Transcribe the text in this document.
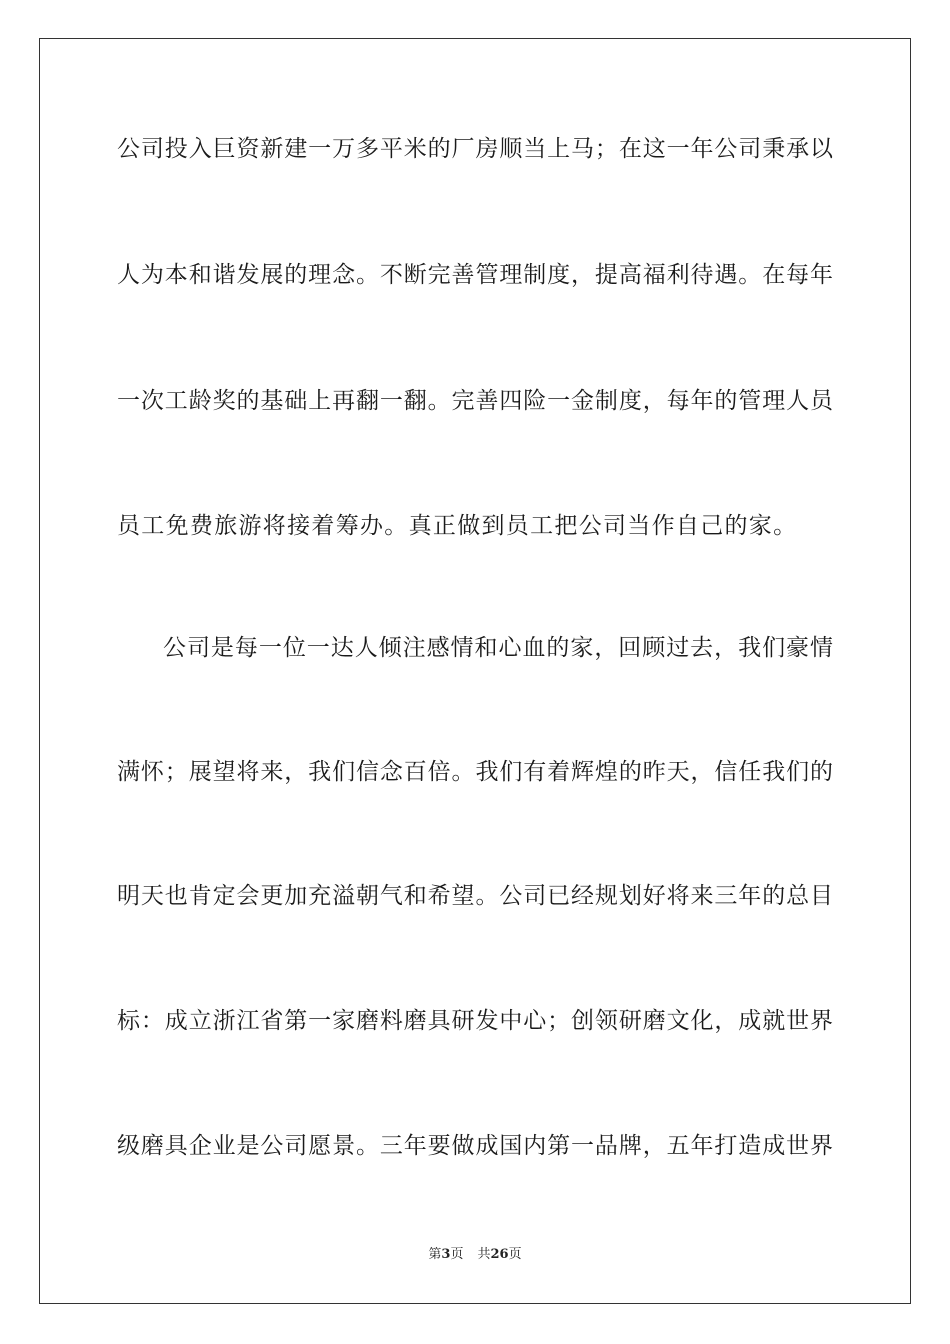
公司投入巨资新建一万多平米的厂房顺当上马；在这一年公司秉承以
人为本和谐发展的理念。不断完善管理制度，提高福利待遇。在每年
一次工龄奖的基础上再翻一翻。完善四险一金制度，每年的管理人员
员工免费旅游将接着筹办。真正做到员工把公司当作自己的家。
公司是每一位一达人倾注感情和心血的家，回顾过去，我们豪情
满怀；展望将来，我们信念百倍。我们有着辉煌的昨天，信任我们的
明天也肯定会更加充溢朝气和希望。公司已经规划好将来三年的总目
标：成立浙江省第一家磨料磨具研发中心；创领研磨文化，成就世界
级磨具企业是公司愿景。三年要做成国内第一品牌，五年打造成世界
第3页 共26页
